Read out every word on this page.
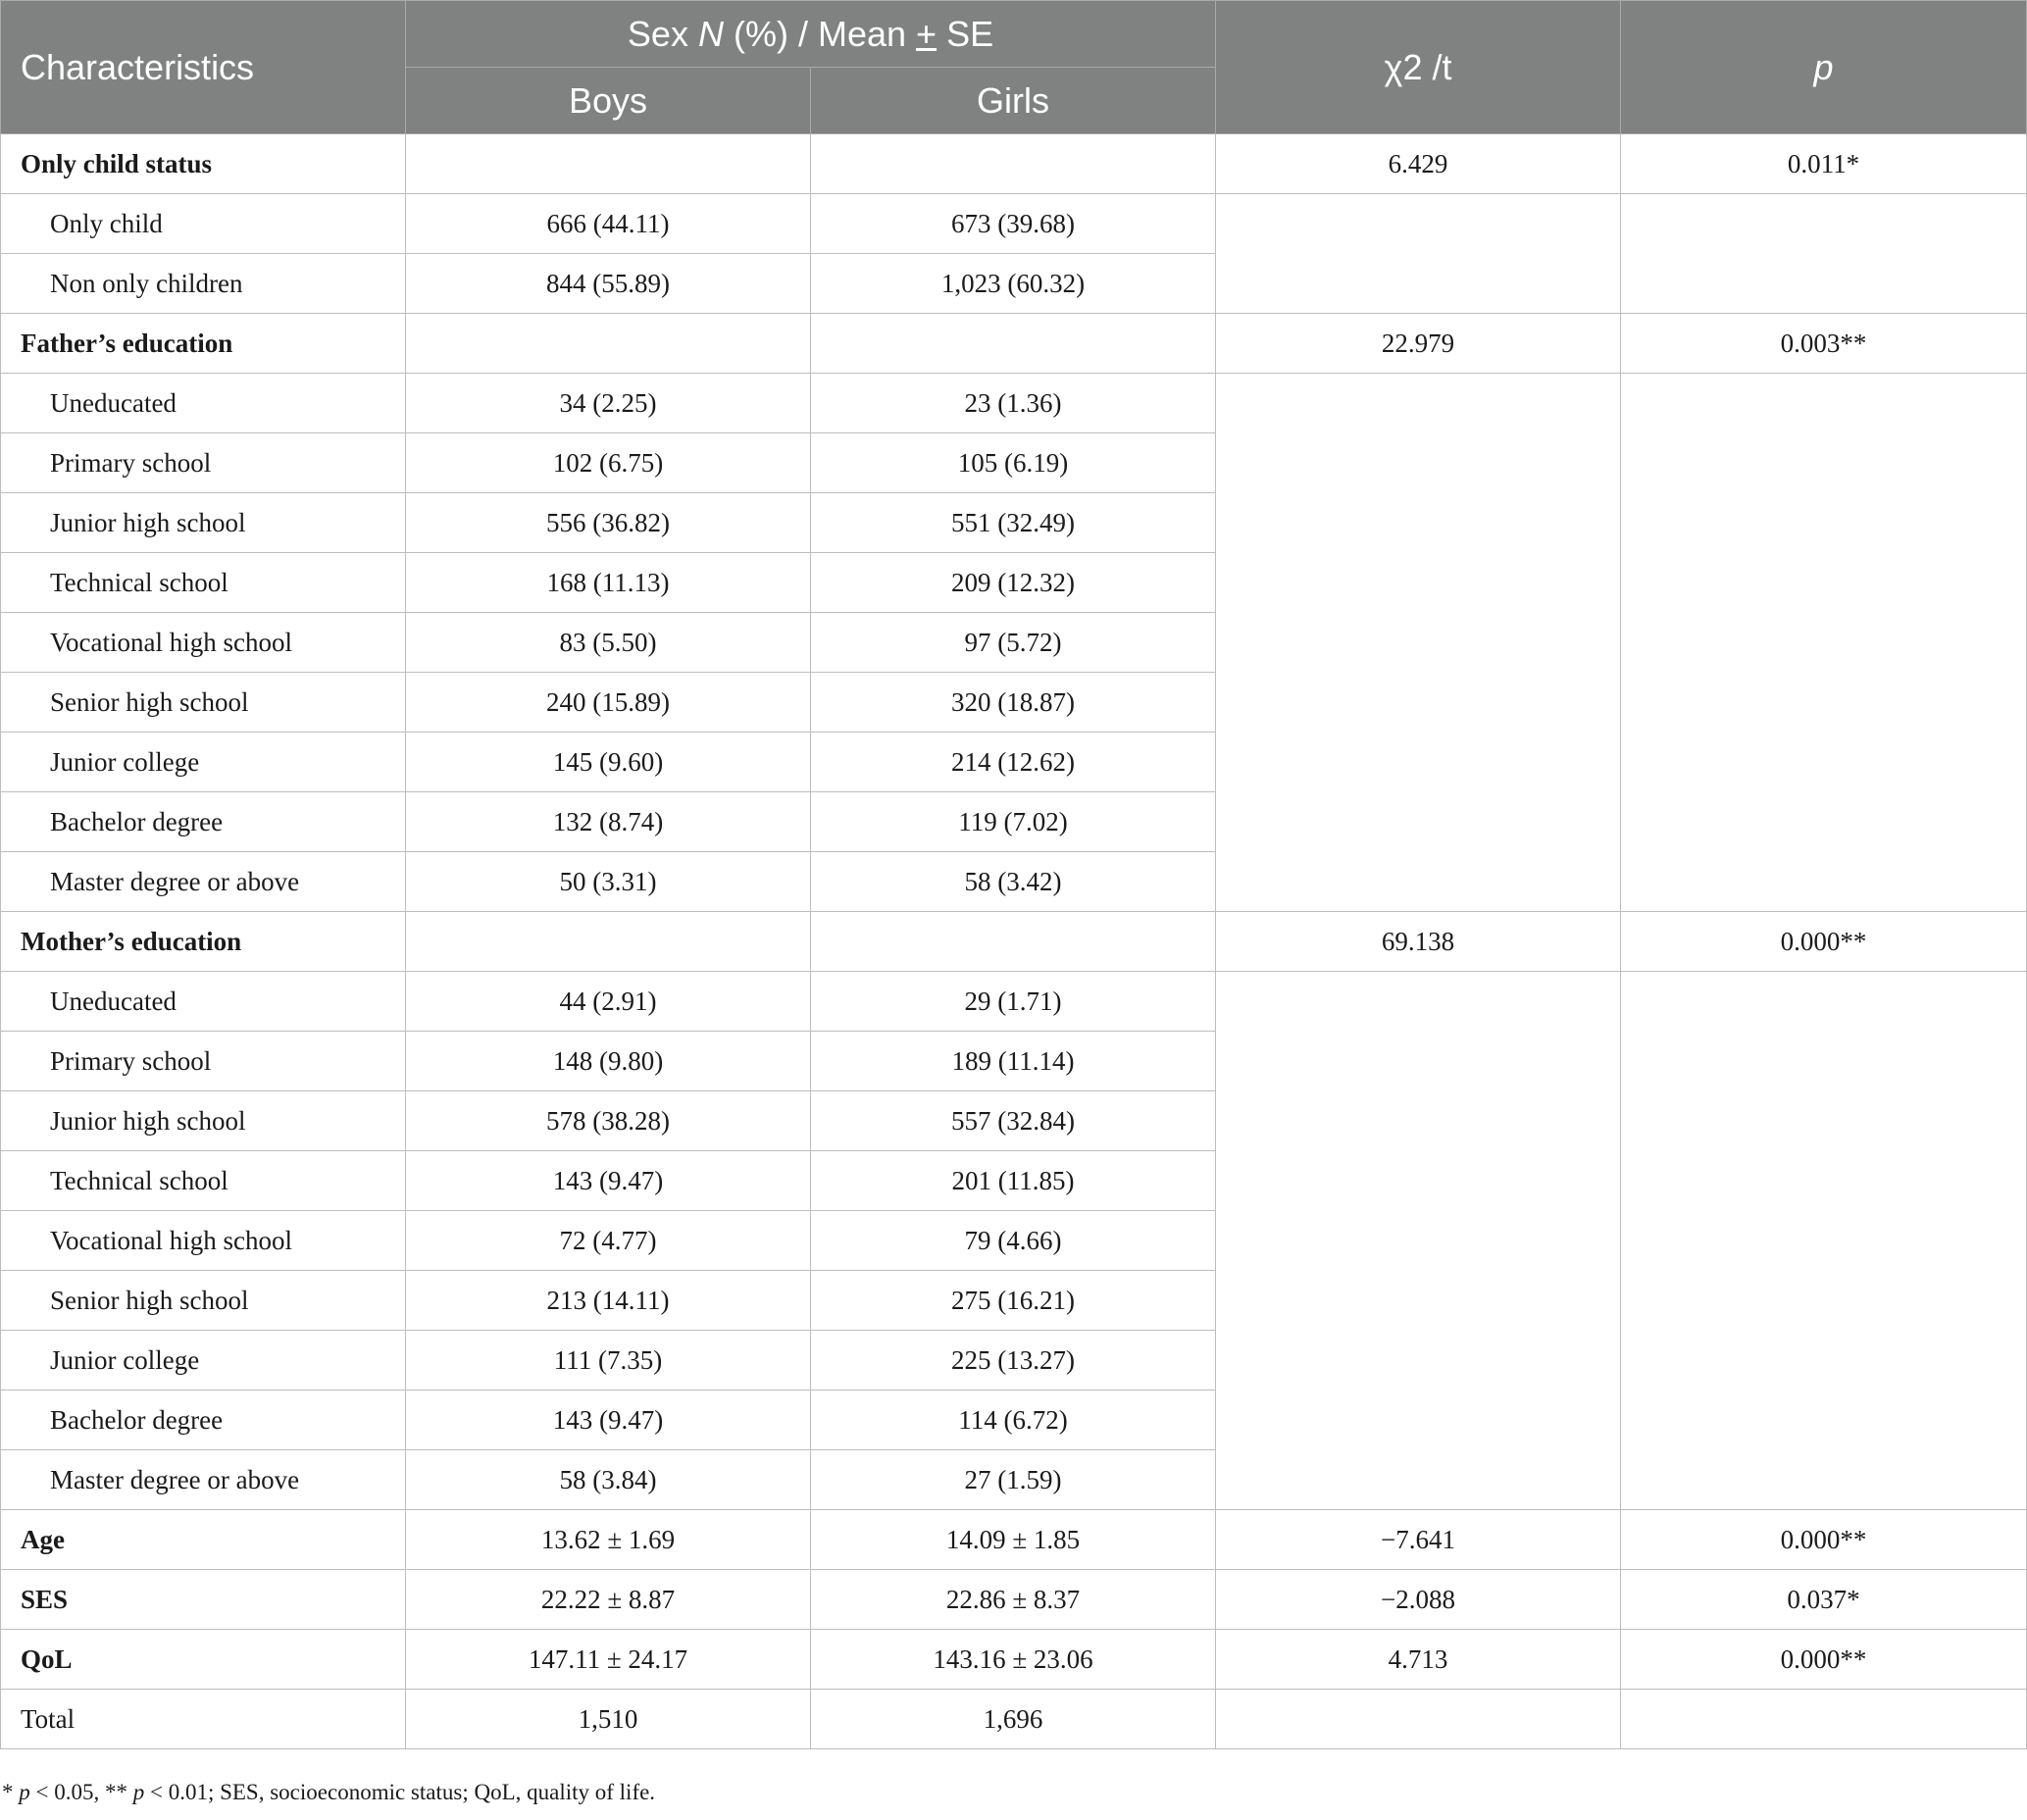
Characteristics	Sex N (%) / Mean + SE		χ2 /t	p
	Boys	Girls		
Only child status			6.429	0.011*
Only child	666 (44.11)	673 (39.68)		
Non only children	844 (55.89)	1,023 (60.32)		
Father’s education			22.979	0.003**
Uneducated	34 (2.25)	23 (1.36)		
Primary school	102 (6.75)	105 (6.19)		
Junior high school	556 (36.82)	551 (32.49)		
Technical school	168 (11.13)	209 (12.32)		
Vocational high school	83 (5.50)	97 (5.72)		
Senior high school	240 (15.89)	320 (18.87)		
Junior college	145 (9.60)	214 (12.62)		
Bachelor degree	132 (8.74)	119 (7.02)		
Master degree or above	50 (3.31)	58 (3.42)		
Mother’s education			69.138	0.000**
Uneducated	44 (2.91)	29 (1.71)		
Primary school	148 (9.80)	189 (11.14)		
Junior high school	578 (38.28)	557 (32.84)		
Technical school	143 (9.47)	201 (11.85)		
Vocational high school	72 (4.77)	79 (4.66)		
Senior high school	213 (14.11)	275 (16.21)		
Junior college	111 (7.35)	225 (13.27)		
Bachelor degree	143 (9.47)	114 (6.72)		
Master degree or above	58 (3.84)	27 (1.59)		
Age	13.62 ± 1.69	14.09 ± 1.85	−7.641	0.000**
SES	22.22 ± 8.87	22.86 ± 8.37	−2.088	0.037*
QoL	147.11 ± 24.17	143.16 ± 23.06	4.713	0.000**
Total	1,510	1,696		
* p < 0.05, ** p < 0.01; SES, socioeconomic status; QoL, quality of life.
